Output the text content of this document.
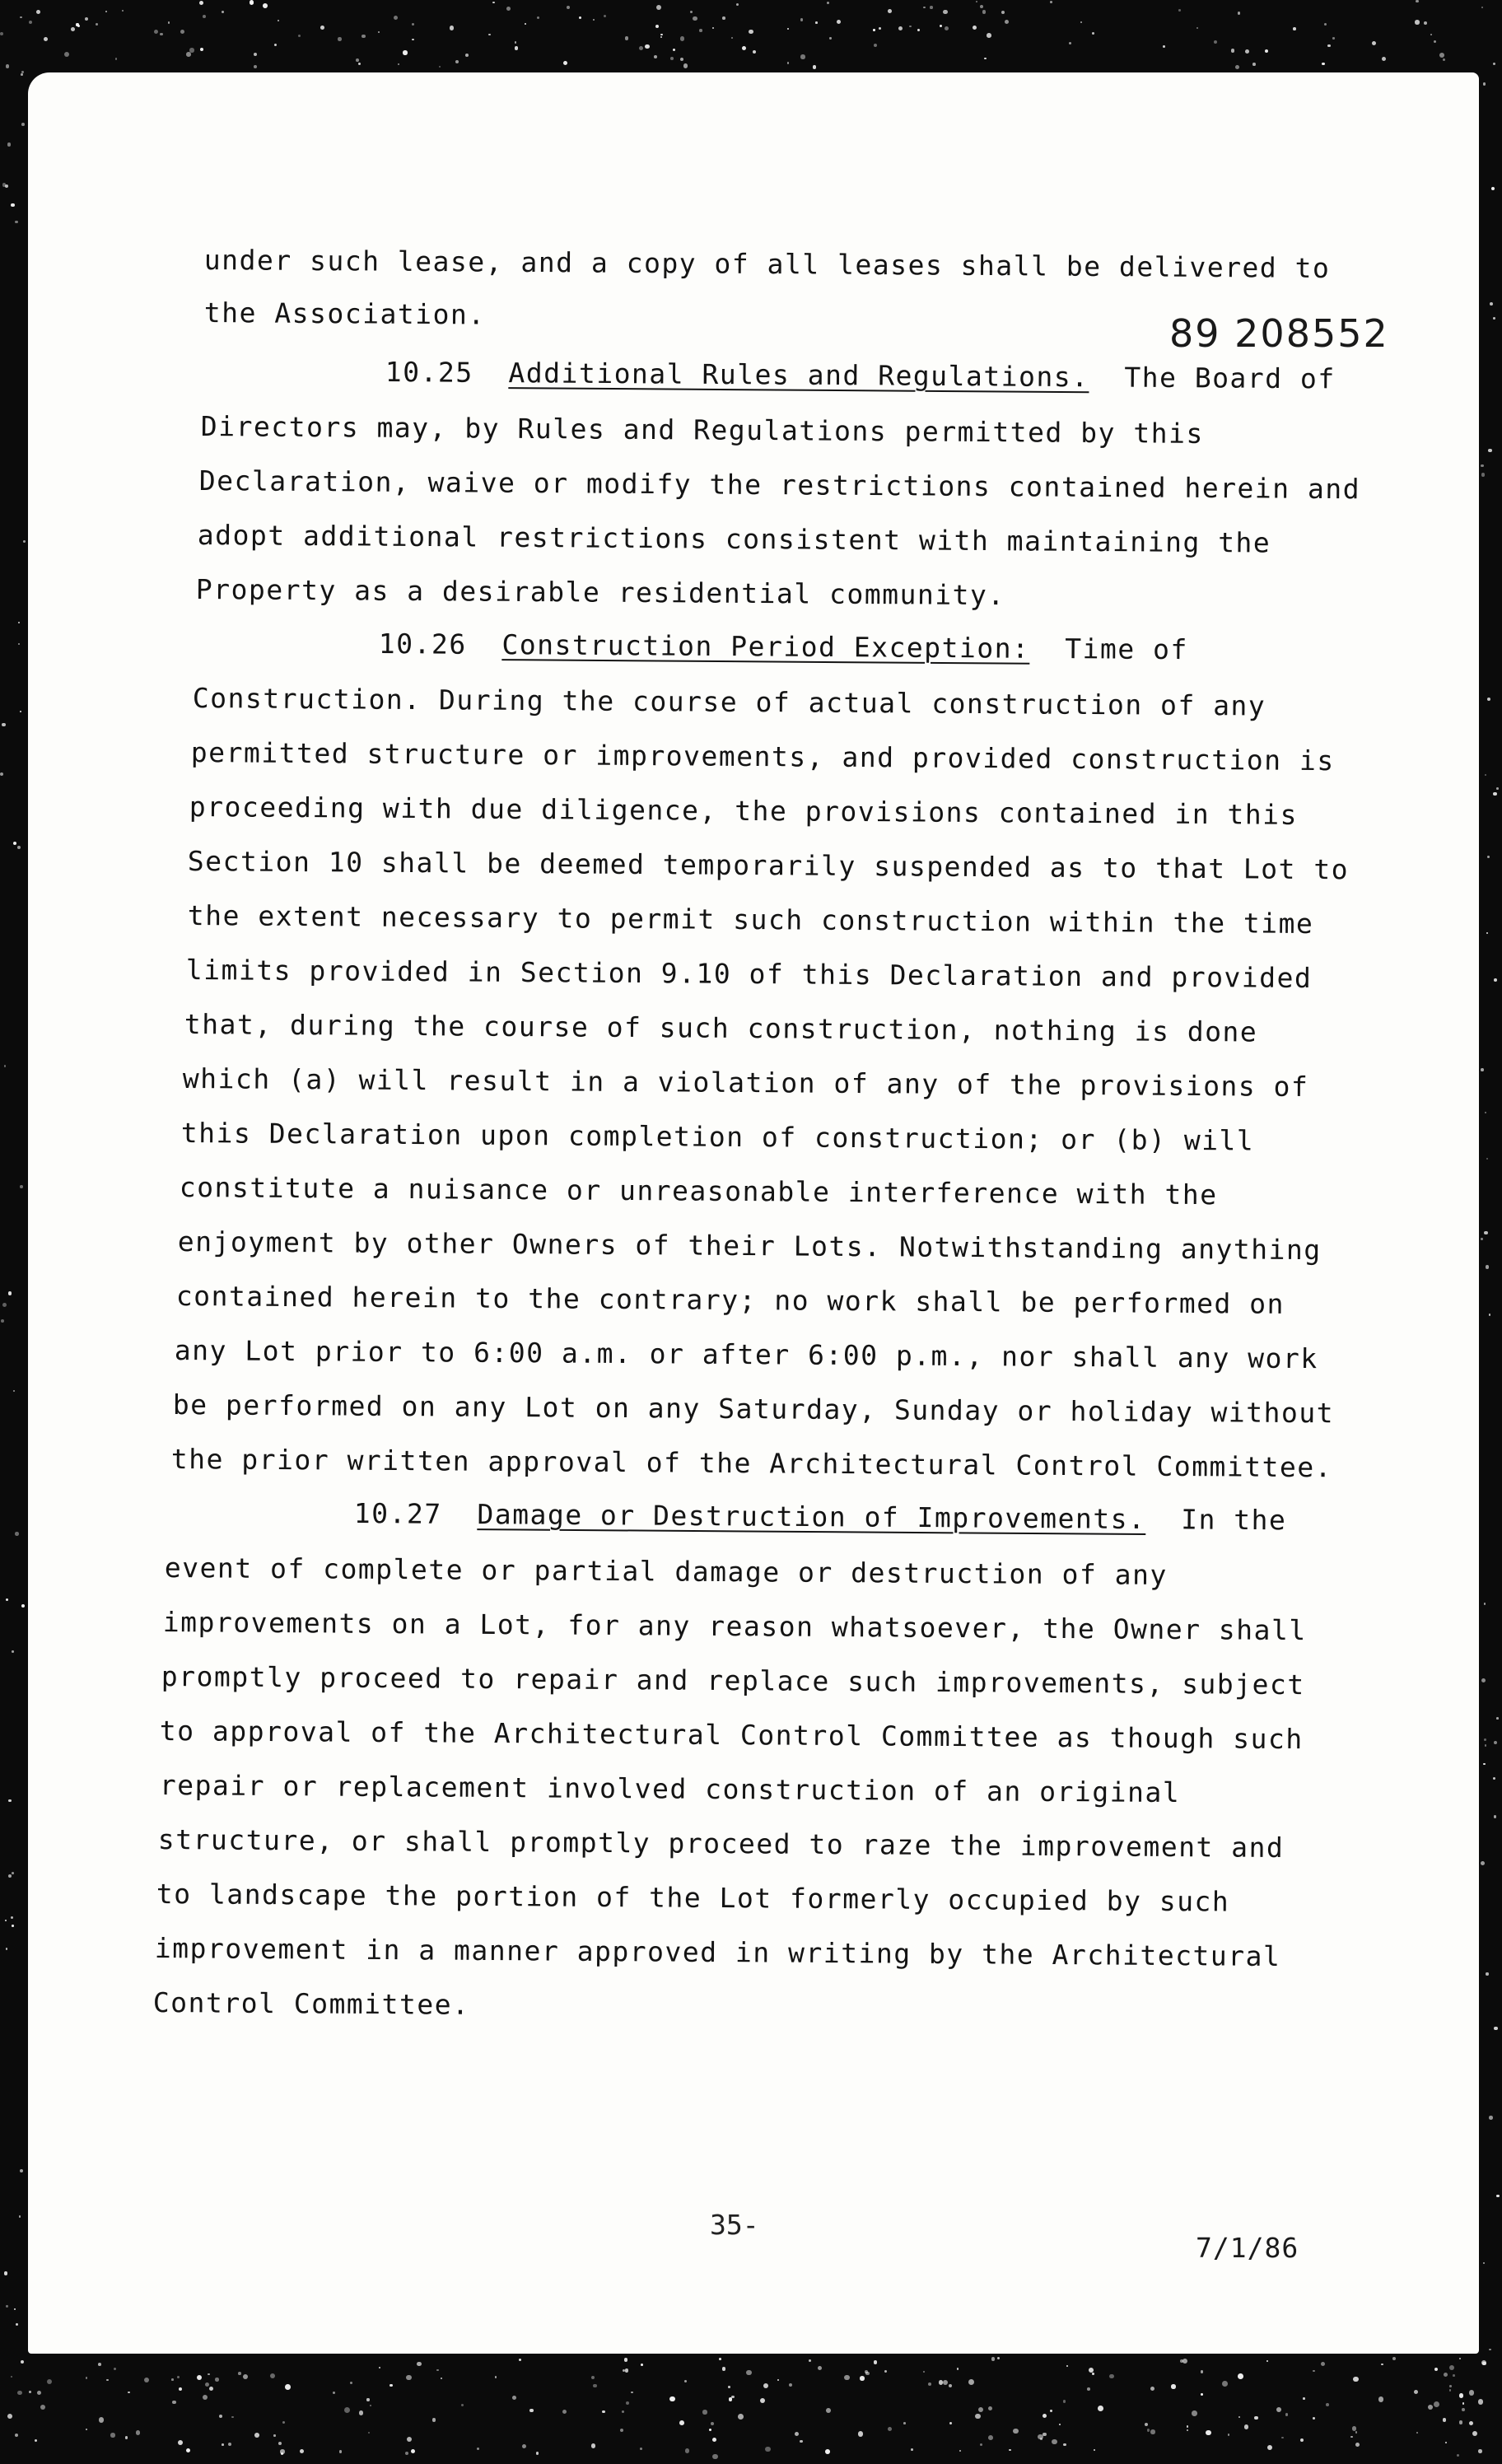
89 208552
under such lease, and a copy of all leases shall be delivered to
the Association.
10.25 Additional Rules and Regulations. The Board of
Directors may, by Rules and Regulations permitted by this
Declaration, waive or modify the restrictions contained herein and
adopt additional restrictions consistent with maintaining the
Property as a desirable residential community.
10.26 Construction Period Exception: Time of
Construction. During the course of actual construction of any
permitted structure or improvements, and provided construction is
proceeding with due diligence, the provisions contained in this
Section 10 shall be deemed temporarily suspended as to that Lot to
the extent necessary to permit such construction within the time
limits provided in Section 9.10 of this Declaration and provided
that, during the course of such construction, nothing is done
which (a) will result in a violation of any of the provisions of
this Declaration upon completion of construction; or (b) will
constitute a nuisance or unreasonable interference with the
enjoyment by other Owners of their Lots. Notwithstanding anything
contained herein to the contrary; no work shall be performed on
any Lot prior to 6:00 a.m. or after 6:00 p.m., nor shall any work
be performed on any Lot on any Saturday, Sunday or holiday without
the prior written approval of the Architectural Control Committee.
10.27 Damage or Destruction of Improvements. In the
event of complete or partial damage or destruction of any
improvements on a Lot, for any reason whatsoever, the Owner shall
promptly proceed to repair and replace such improvements, subject
to approval of the Architectural Control Committee as though such
repair or replacement involved construction of an original
structure, or shall promptly proceed to raze the improvement and
to landscape the portion of the Lot formerly occupied by such
improvement in a manner approved in writing by the Architectural
Control Committee.
35-
7/1/86
